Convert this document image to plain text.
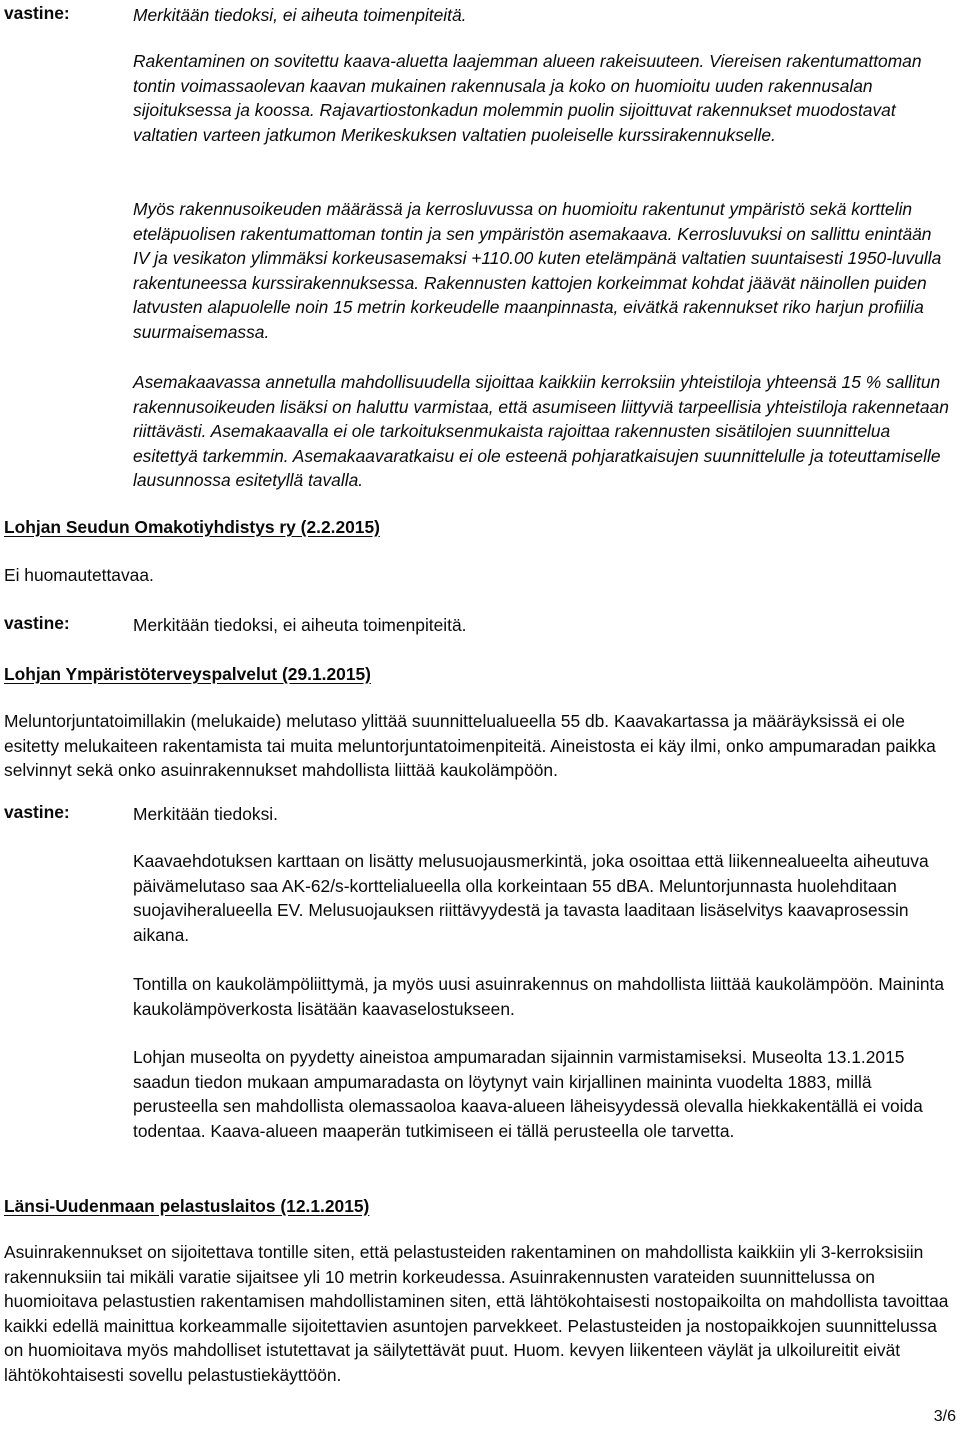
vastine:	Merkitään tiedoksi, ei aiheuta toimenpiteitä.

Rakentaminen on sovitettu kaava-aluetta laajemman alueen rakeisuuteen. Viereisen rakentumattoman tontin voimassaolevan kaavan mukainen rakennusala ja koko on huomioitu uuden rakennusalan sijoituksessa ja koossa. Rajavartiostonkadun molemmin puolin sijoittuvat rakennukset muodostavat valtatien varteen jatkumon Merikeskuksen valtatien puoleiselle kurssirakennukselle.

Myös rakennusoikeuden määrässä ja kerrosluvussa on huomioitu rakentunut ympäristö sekä korttelin eteläpuolisen rakentumattoman tontin ja sen ympäristön asemakaava. Kerrosluvuksi on sallittu enintään IV ja vesikaton ylimmäksi korkeusasemaksi +110.00 kuten etelämpänä valtatien suuntaisesti 1950-luvulla rakentuneessa kurssirakennuksessa. Rakennusten kattojen korkeimmat kohdat jäävät näinollen puiden latvusten alapuolelle noin 15 metrin korkeudelle maanpinnasta, eivätkä rakennukset riko harjun profiilia suurmaisemassa.

Asemakaavassa annetulla mahdollisuudella sijoittaa kaikkiin kerroksiin yhteistiloja yhteensä 15 % sallitun rakennusoikeuden lisäksi on haluttu varmistaa, että asumiseen liittyviä tarpeellisia yhteistiloja rakennetaan riittävästi. Asemakaavalla ei ole tarkoituksenmukaista rajoittaa rakennusten sisätilojen suunnittelua esitettyä tarkemmin. Asemakaavaratkaisu ei ole esteenä pohjaratkaisujen suunnittelulle ja toteuttamiselle lausunnossa esitetyllä tavalla.

Lohjan Seudun Omakotiyhdistys ry (2.2.2015)

Ei huomautettavaa.

vastine:	Merkitään tiedoksi, ei aiheuta toimenpiteitä.
Lohjan Ympäristöterveyspalvelut (29.1.2015)

Meluntorjuntatoimillakin (melukaide) melutaso ylittää suunnittelualueella 55 db. Kaavakartassa ja määräyksissä ei ole esitetty melukaiteen rakentamista tai muita meluntorjuntatoimenpiteitä. Aineistosta ei käy ilmi, onko ampumaradan paikka selvinnyt sekä onko asuinrakennukset mahdollista liittää kaukolämpöön.

vastine:	Merkitään tiedoksi.

Kaavaehdotuksen karttaan on lisätty melusuojausmerkintä, joka osoittaa että liikennealueelta aiheutuva päivämelutaso saa AK-62/s-korttelialueella olla korkeintaan 55 dBA. Meluntorjunnasta huolehditaan suojaviheralueella EV. Melusuojauksen riittävyydestä ja tavasta laaditaan lisäselvitys kaavaprosessin aikana.

Tontilla on kaukolämpöliittymä, ja myös uusi asuinrakennus on mahdollista liittää kaukolämpöön. Maininta kaukolämpöverkosta lisätään kaavaselostukseen.

Lohjan museolta on pyydetty aineistoa ampumaradan sijainnin varmistamiseksi. Museolta 13.1.2015 saadun tiedon mukaan ampumaradasta on löytynyt vain kirjallinen maininta vuodelta 1883, millä perusteella sen mahdollista olemassaoloa kaava-alueen läheisyydessä olevalla hiekkakentällä ei voida todentaa. Kaava-alueen maaperän tutkimiseen ei tällä perusteella ole tarvetta.

Länsi-Uudenmaan pelastuslaitos (12.1.2015)

Asuinrakennukset on sijoitettava tontille siten, että pelastusteiden rakentaminen on mahdollista kaikkiin yli 3-kerroksisiin rakennuksiin tai mikäli varatie sijaitsee yli 10 metrin korkeudessa. Asuinrakennusten varateiden suunnittelussa on huomioitava pelastustien rakentamisen mahdollistaminen siten, että lähtökohtaisesti nostopaikoilta on mahdollista tavoittaa kaikki edellä mainittua korkeammalle sijoitettavien asuntojen parvekkeet. Pelastusteiden ja nostopaikkojen suunnittelussa on huomioitava myös mahdolliset istutettavat ja säilytettävät puut. Huom. kevyen liikenteen väylät ja ulkoilureitit eivät lähtökohtaisesti sovellu pelastustiekäyttöön.

3/6
